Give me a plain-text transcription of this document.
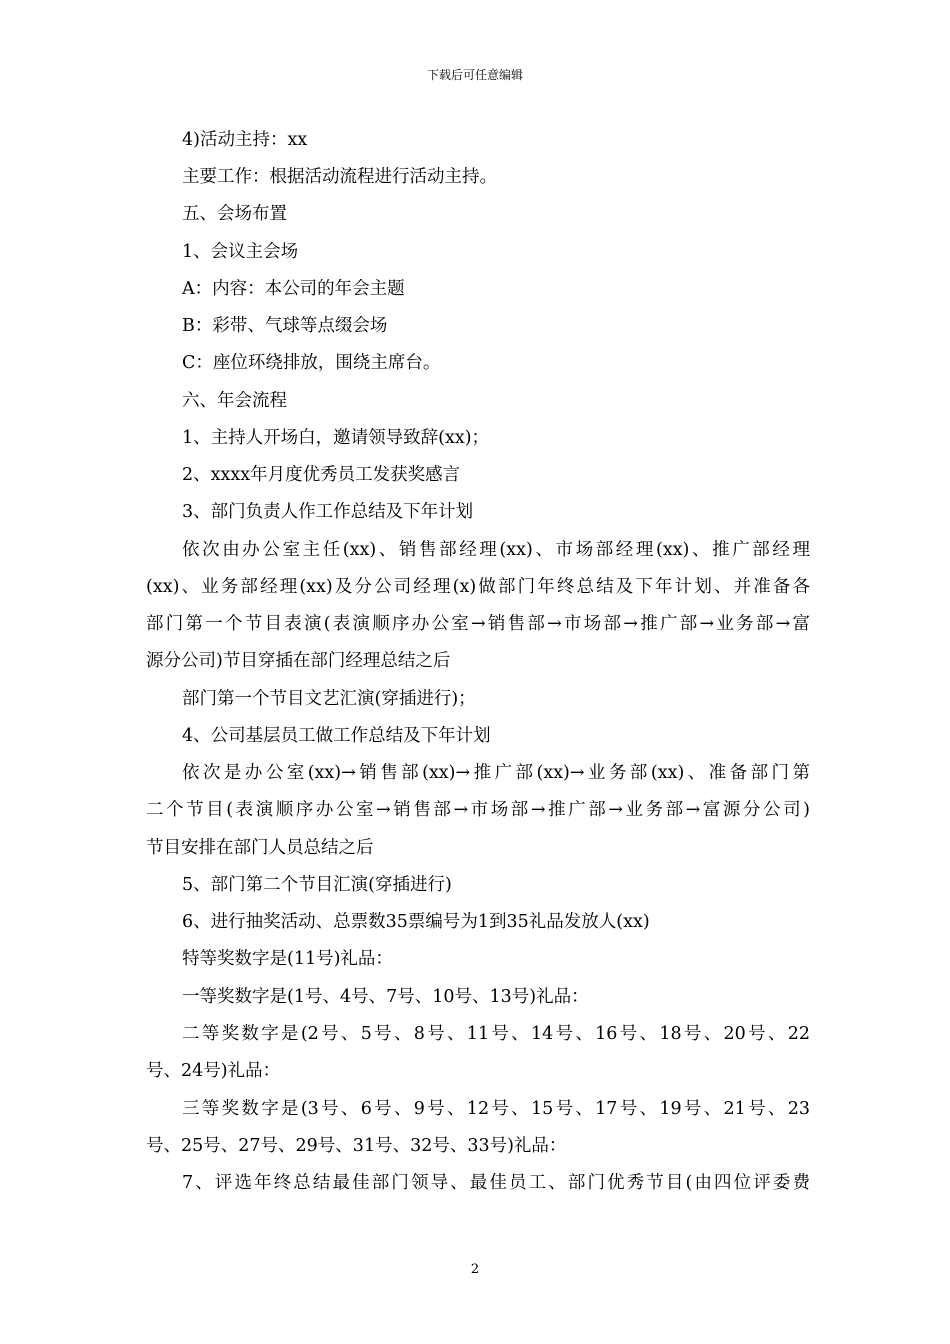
下载后可任意编辑
4)活动主持：xx
主要工作：根据活动流程进行活动主持。
五、会场布置
1、会议主会场
A：内容：本公司的年会主题
B：彩带、气球等点缀会场
C：座位环绕排放，围绕主席台。
六、年会流程
1、主持人开场白，邀请领导致辞(xx)；
2、xxxx年月度优秀员工发获奖感言
3、部门负责人作工作总结及下年计划
依次由办公室主任(xx)、销售部经理(xx)、市场部经理(xx)、推广部经理
(xx)、业务部经理(xx)及分公司经理(x)做部门年终总结及下年计划、并准备各
部门第一个节目表演(表演顺序办公室→销售部→市场部→推广部→业务部→富
源分公司)节目穿插在部门经理总结之后
部门第一个节目文艺汇演(穿插进行)；
4、公司基层员工做工作总结及下年计划
依次是办公室(xx)→销售部(xx)→推广部(xx)→业务部(xx)、准备部门第
二个节目(表演顺序办公室→销售部→市场部→推广部→业务部→富源分公司)
节目安排在部门人员总结之后
5、部门第二个节目汇演(穿插进行)
6、进行抽奖活动、总票数35票编号为1到35礼品发放人(xx)
特等奖数字是(11号)礼品：
一等奖数字是(1号、4号、7号、10号、13号)礼品：
二等奖数字是(2号、5号、8号、11号、14号、16号、18号、20号、22
号、24号)礼品：
三等奖数字是(3号、6号、9号、12号、15号、17号、19号、21号、23
号、25号、27号、29号、31号、32号、33号)礼品：
7、评选年终总结最佳部门领导、最佳员工、部门优秀节目(由四位评委费
2
